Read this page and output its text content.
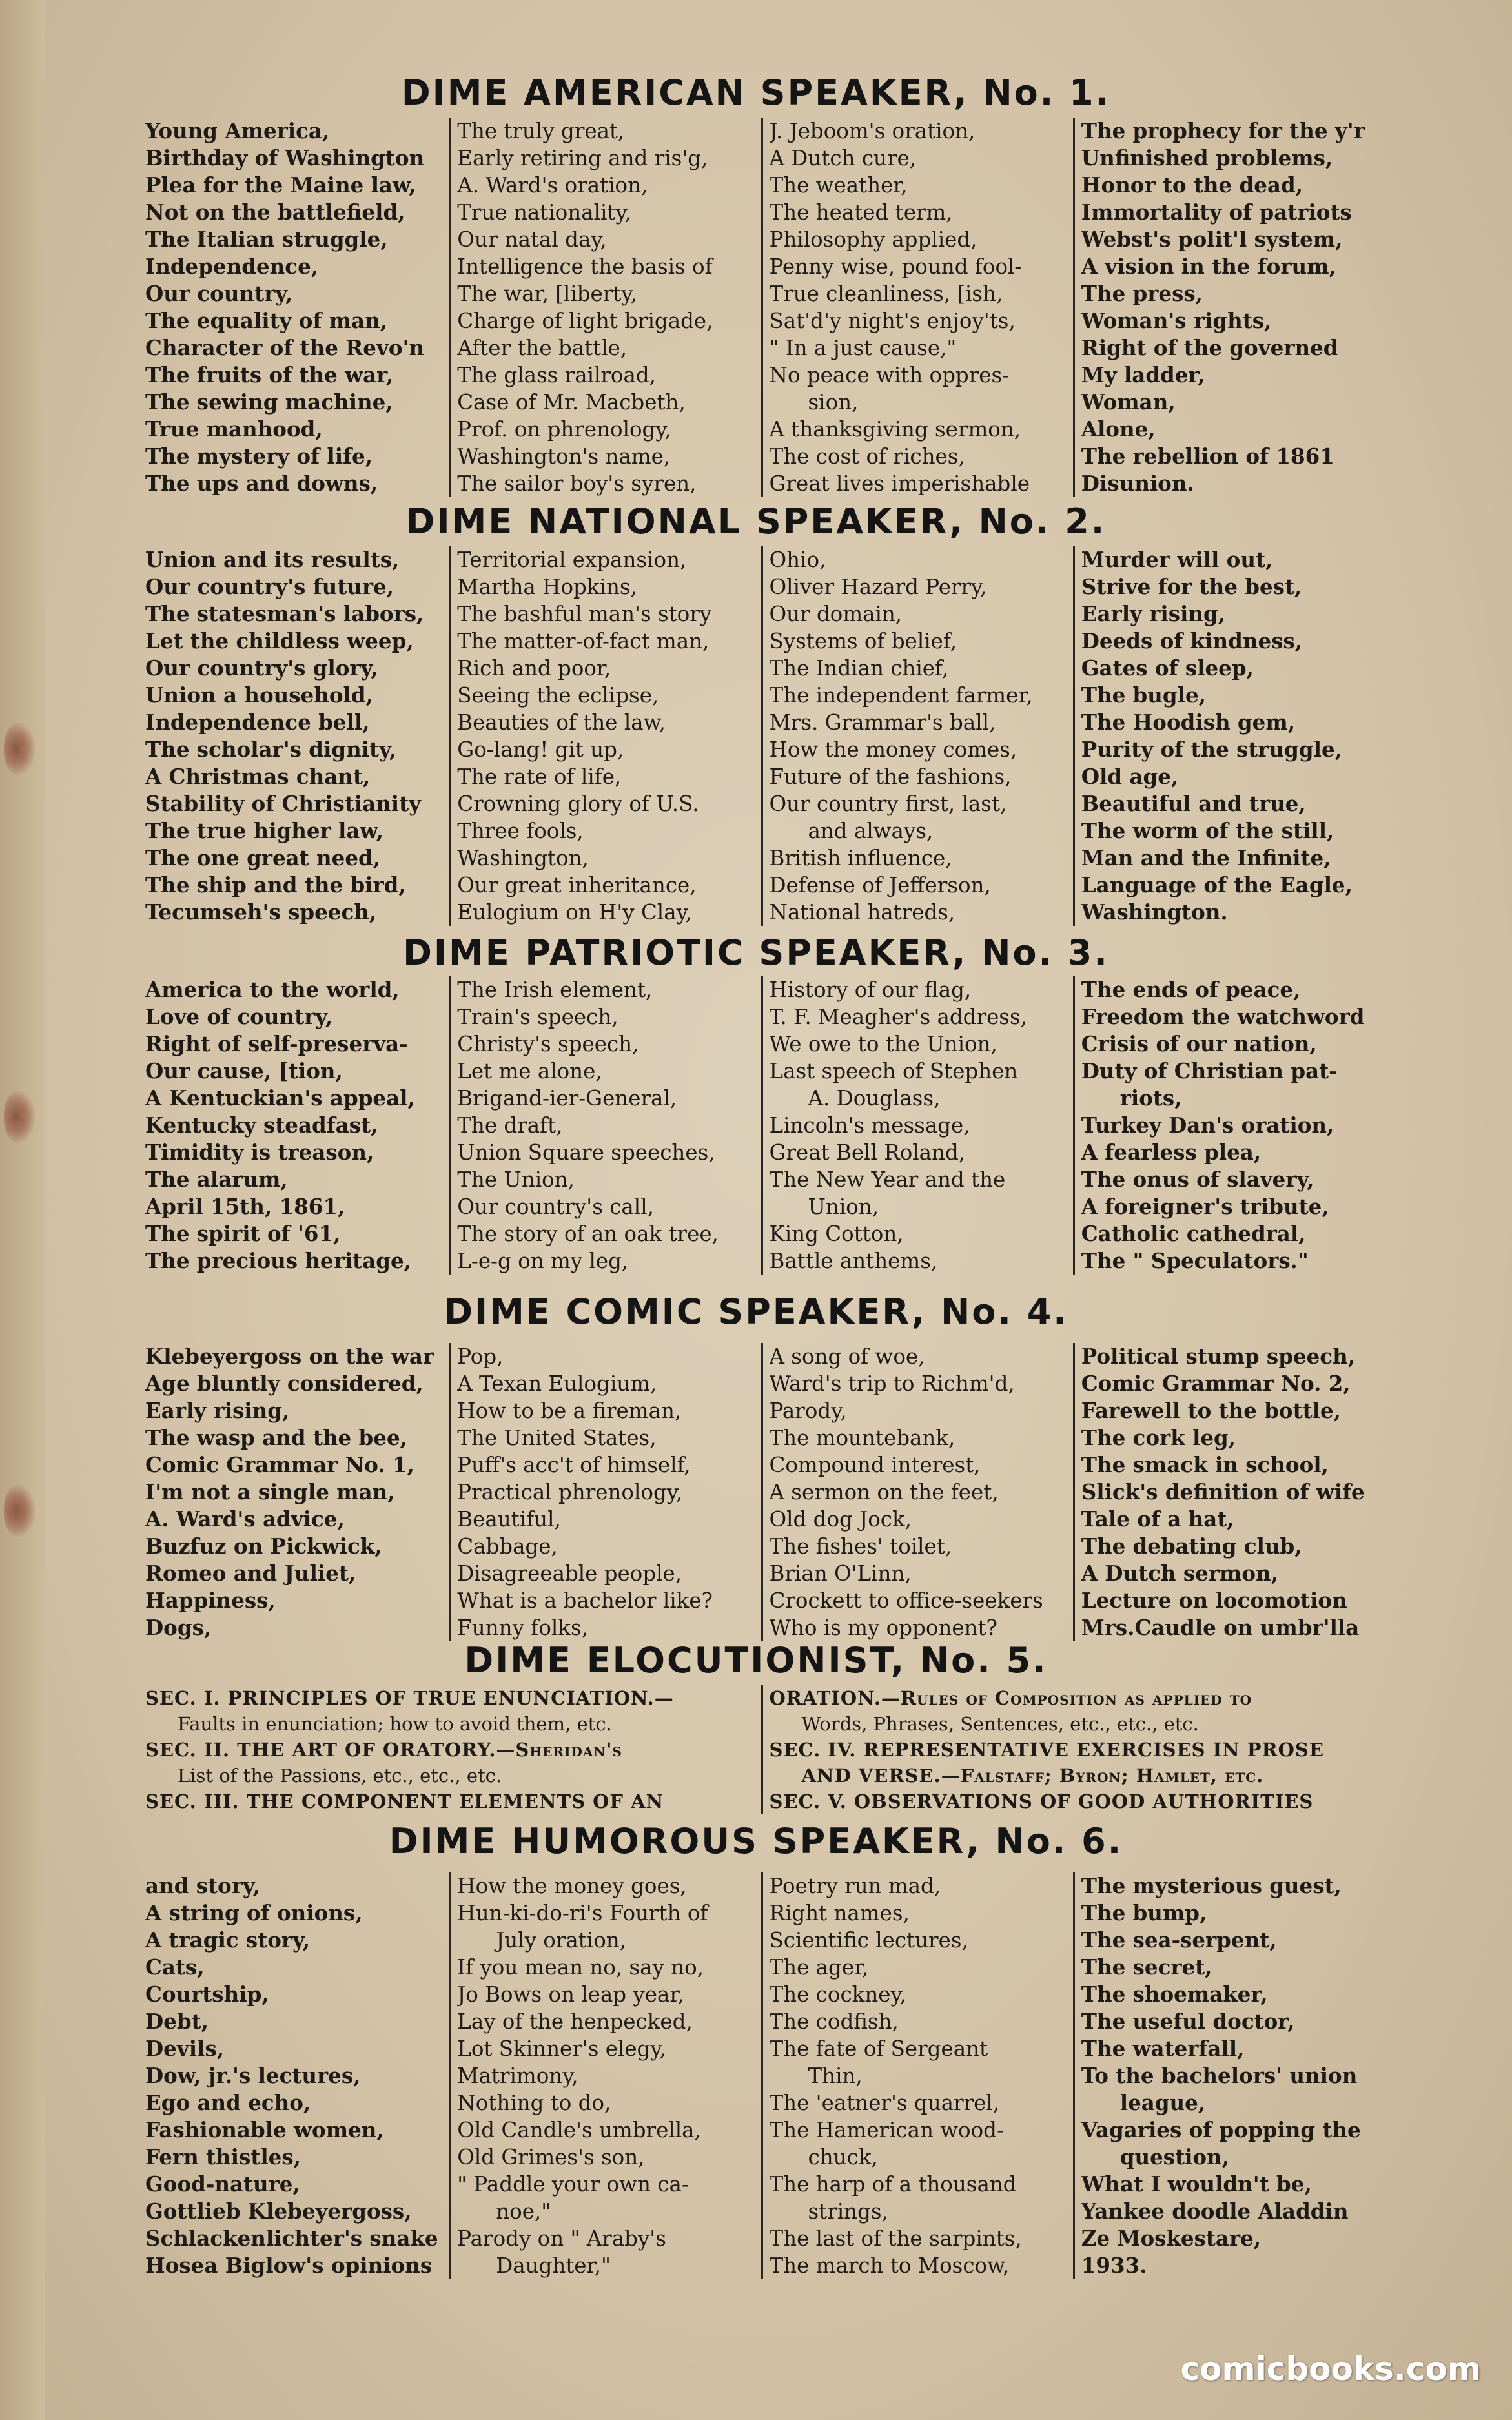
DIME AMERICAN SPEAKER, No. 1.
Young America,
Birthday of Washington
Plea for the Maine law,
Not on the battlefield,
The Italian struggle,
Independence,
Our country,
The equality of man,
Character of the Revo'n
The fruits of the war,
The sewing machine,
True manhood,
The mystery of life,
The ups and downs,
The truly great,
Early retiring and ris'g,
A. Ward's oration,
True nationality,
Our natal day,
Intelligence the basis of
The war, [liberty,
Charge of light brigade,
After the battle,
The glass railroad,
Case of Mr. Macbeth,
Prof. on phrenology,
Washington's name,
The sailor boy's syren,
J. Jeboom's oration,
A Dutch cure,
The weather,
The heated term,
Philosophy applied,
Penny wise, pound fool-
True cleanliness, [ish,
Sat'd'y night's enjoy'ts,
" In a just cause,"
No peace with oppres-
sion,
A thanksgiving sermon,
The cost of riches,
Great lives imperishable
The prophecy for the y'r
Unfinished problems,
Honor to the dead,
Immortality of patriots
Webst's polit'l system,
A vision in the forum,
The press,
Woman's rights,
Right of the governed
My ladder,
Woman,
Alone,
The rebellion of 1861
Disunion.
DIME NATIONAL SPEAKER, No. 2.
Union and its results,
Our country's future,
The statesman's labors,
Let the childless weep,
Our country's glory,
Union a household,
Independence bell,
The scholar's dignity,
A Christmas chant,
Stability of Christianity
The true higher law,
The one great need,
The ship and the bird,
Tecumseh's speech,
Territorial expansion,
Martha Hopkins,
The bashful man's story
The matter-of-fact man,
Rich and poor,
Seeing the eclipse,
Beauties of the law,
Go-lang! git up,
The rate of life,
Crowning glory of U.S.
Three fools,
Washington,
Our great inheritance,
Eulogium on H'y Clay,
Ohio,
Oliver Hazard Perry,
Our domain,
Systems of belief,
The Indian chief,
The independent farmer,
Mrs. Grammar's ball,
How the money comes,
Future of the fashions,
Our country first, last,
and always,
British influence,
Defense of Jefferson,
National hatreds,
Murder will out,
Strive for the best,
Early rising,
Deeds of kindness,
Gates of sleep,
The bugle,
The Hoodish gem,
Purity of the struggle,
Old age,
Beautiful and true,
The worm of the still,
Man and the Infinite,
Language of the Eagle,
Washington.
DIME PATRIOTIC SPEAKER, No. 3.
America to the world,
Love of country,
Right of self-preserva-
Our cause, [tion,
A Kentuckian's appeal,
Kentucky steadfast,
Timidity is treason,
The alarum,
April 15th, 1861,
The spirit of '61,
The precious heritage,
The Irish element,
Train's speech,
Christy's speech,
Let me alone,
Brigand-ier-General,
The draft,
Union Square speeches,
The Union,
Our country's call,
The story of an oak tree,
L-e-g on my leg,
History of our flag,
T. F. Meagher's address,
We owe to the Union,
Last speech of Stephen
A. Douglass,
Lincoln's message,
Great Bell Roland,
The New Year and the
Union,
King Cotton,
Battle anthems,
The ends of peace,
Freedom the watchword
Crisis of our nation,
Duty of Christian pat-
riots,
Turkey Dan's oration,
A fearless plea,
The onus of slavery,
A foreigner's tribute,
Catholic cathedral,
The " Speculators."
DIME COMIC SPEAKER, No. 4.
Klebeyergoss on the war
Age bluntly considered,
Early rising,
The wasp and the bee,
Comic Grammar No. 1,
I'm not a single man,
A. Ward's advice,
Buzfuz on Pickwick,
Romeo and Juliet,
Happiness,
Dogs,
Pop,
A Texan Eulogium,
How to be a fireman,
The United States,
Puff's acc't of himself,
Practical phrenology,
Beautiful,
Cabbage,
Disagreeable people,
What is a bachelor like?
Funny folks,
A song of woe,
Ward's trip to Richm'd,
Parody,
The mountebank,
Compound interest,
A sermon on the feet,
Old dog Jock,
The fishes' toilet,
Brian O'Linn,
Crockett to office-seekers
Who is my opponent?
Political stump speech,
Comic Grammar No. 2,
Farewell to the bottle,
The cork leg,
The smack in school,
Slick's definition of wife
Tale of a hat,
The debating club,
A Dutch sermon,
Lecture on locomotion
Mrs.Caudle on umbr'lla
DIME ELOCUTIONIST, No. 5.
SEC. I. PRINCIPLES OF TRUE ENUNCIATION.—
Faults in enunciation; how to avoid them, etc.
SEC. II. THE ART OF ORATORY.—Sheridan's
List of the Passions, etc., etc., etc.
SEC. III. THE COMPONENT ELEMENTS OF AN
ORATION.—Rules of Composition as applied to
Words, Phrases, Sentences, etc., etc., etc.
SEC. IV. REPRESENTATIVE EXERCISES IN PROSE
AND VERSE.—Falstaff; Byron; Hamlet, etc.
SEC. V. OBSERVATIONS OF GOOD AUTHORITIES
DIME HUMOROUS SPEAKER, No. 6.
and story,
A string of onions,
A tragic story,
Cats,
Courtship,
Debt,
Devils,
Dow, jr.'s lectures,
Ego and echo,
Fashionable women,
Fern thistles,
Good-nature,
Gottlieb Klebeyergoss,
Schlackenlichter's snake
Hosea Biglow's opinions
How the money goes,
Hun-ki-do-ri's Fourth of
July oration,
If you mean no, say no,
Jo Bows on leap year,
Lay of the henpecked,
Lot Skinner's elegy,
Matrimony,
Nothing to do,
Old Candle's umbrella,
Old Grimes's son,
" Paddle your own ca-
noe,"
Parody on " Araby's
Daughter,"
Poetry run mad,
Right names,
Scientific lectures,
The ager,
The cockney,
The codfish,
The fate of Sergeant
Thin,
The 'eatner's quarrel,
The Hamerican wood-
chuck,
The harp of a thousand
strings,
The last of the sarpints,
The march to Moscow,
The mysterious guest,
The bump,
The sea-serpent,
The secret,
The shoemaker,
The useful doctor,
The waterfall,
To the bachelors' union
league,
Vagaries of popping the
question,
What I wouldn't be,
Yankee doodle Aladdin
Ze Moskestare,
1933.
comicbooks.com
